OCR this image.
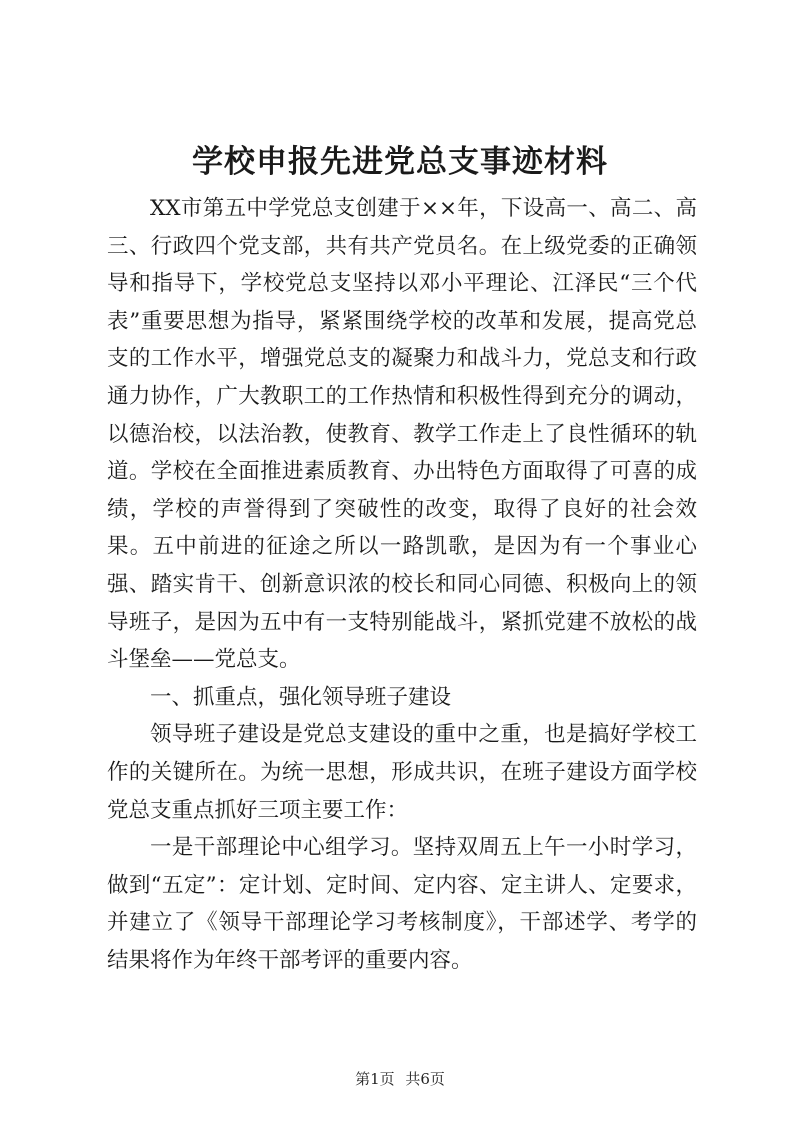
学校申报先进党总支事迹材料

XX市第五中学党总支创建于××年，下设高一、高二、高三、行政四个党支部，共有共产党员名。在上级党委的正确领导和指导下，学校党总支坚持以邓小平理论、江泽民“三个代表”重要思想为指导，紧紧围绕学校的改革和发展，提高党总支的工作水平，增强党总支的凝聚力和战斗力，党总支和行政通力协作，广大教职工的工作热情和积极性得到充分的调动，以德治校，以法治教，使教育、教学工作走上了良性循环的轨道。学校在全面推进素质教育、办出特色方面取得了可喜的成绩，学校的声誉得到了突破性的改变，取得了良好的社会效果。五中前进的征途之所以一路凯歌，是因为有一个事业心强、踏实肯干、创新意识浓的校长和同心同德、积极向上的领导班子，是因为五中有一支特别能战斗，紧抓党建不放松的战斗堡垒——党总支。

一、抓重点，强化领导班子建设

领导班子建设是党总支建设的重中之重，也是搞好学校工作的关键所在。为统一思想，形成共识，在班子建设方面学校党总支重点抓好三项主要工作：

一是干部理论中心组学习。坚持双周五上午一小时学习，做到“五定”：定计划、定时间、定内容、定主讲人、定要求，并建立了《领导干部理论学习考核制度》，干部述学、考学的结果将作为年终干部考评的重要内容。

第1页 共6页
